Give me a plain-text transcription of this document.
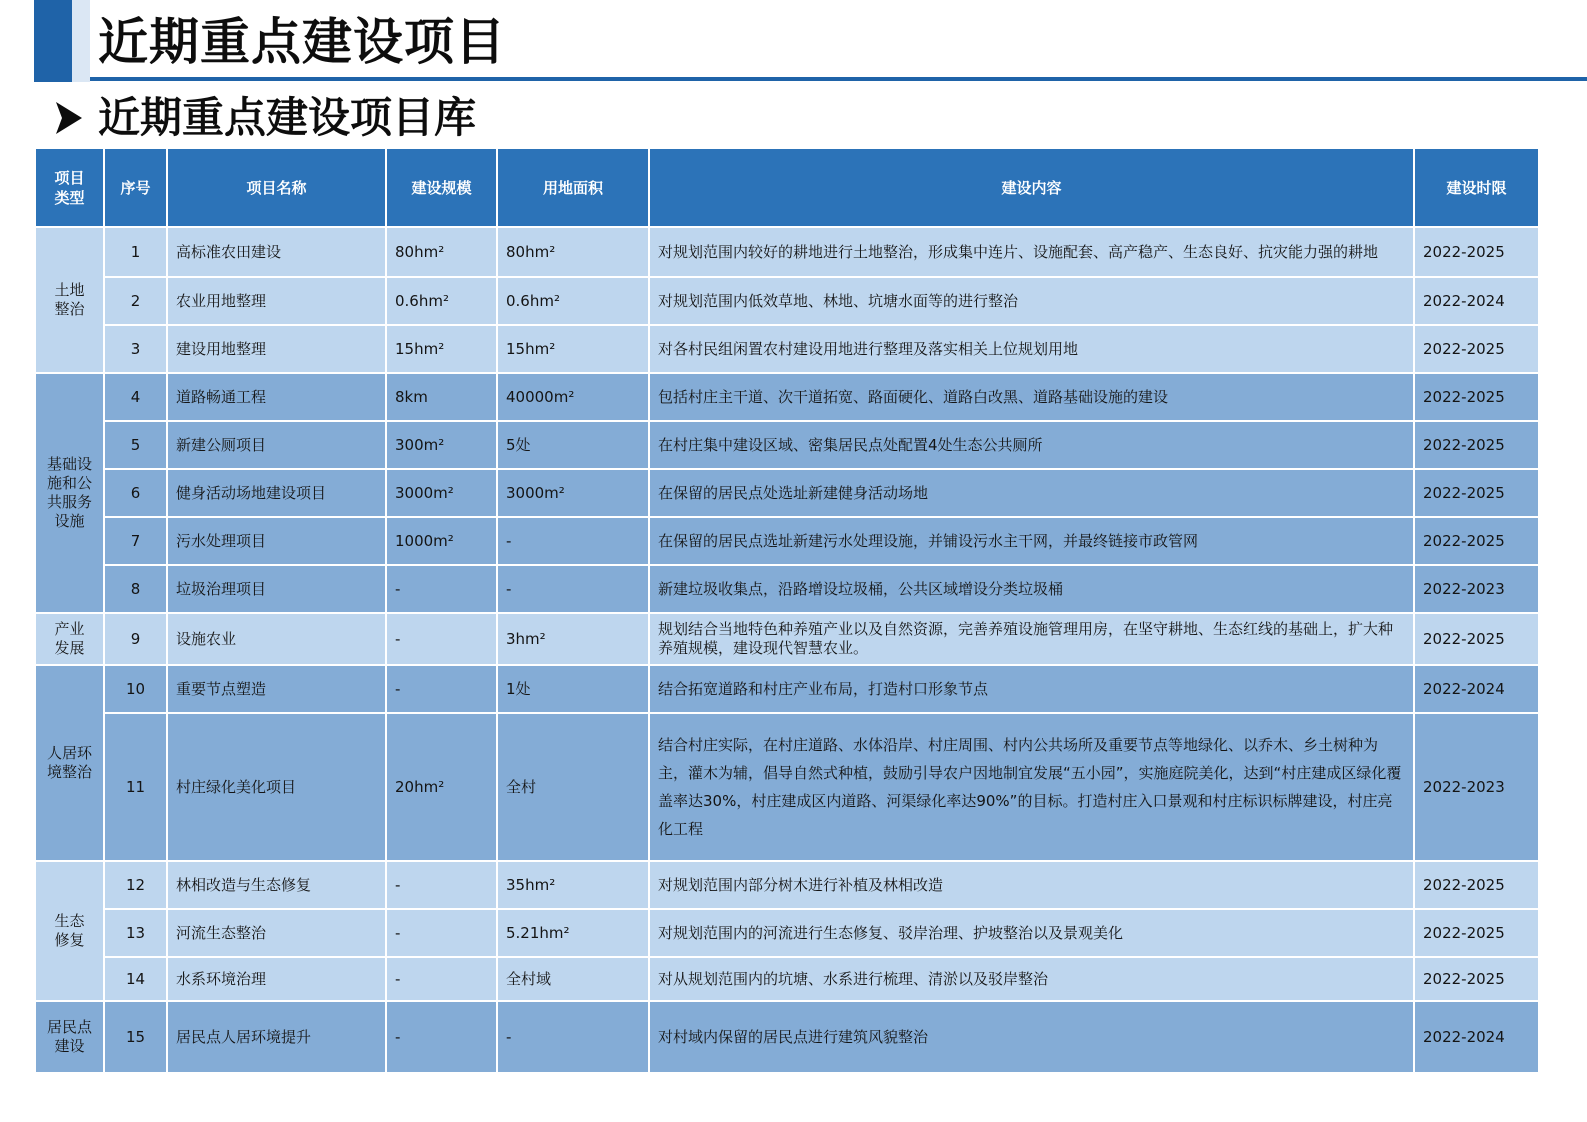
近期重点建设项目
近期重点建设项目库
项目
类型	序号	项目名称	建设规模	用地面积	建设内容	建设时限

土地
整治	1	高标准农田建设	80hm²	80hm²	对规划范围内较好的耕地进行土地整治，形成集中连片、设施配套、高产稳产、生态良好、抗灾能力强的耕地	2022-2025
	2	农业用地整理	0.6hm²	0.6hm²	对规划范围内低效草地、林地、坑塘水面等的进行整治	2022-2024
	3	建设用地整理	15hm²	15hm²	对各村民组闲置农村建设用地进行整理及落实相关上位规划用地	2022-2025

基础设
施和公
共服务
设施	4	道路畅通工程	8km	40000m²	包括村庄主干道、次干道拓宽、路面硬化、道路白改黑、道路基础设施的建设	2022-2025
	5	新建公厕项目	300m²	5处	在村庄集中建设区域、密集居民点处配置4处生态公共厕所	2022-2025
	6	健身活动场地建设项目	3000m²	3000m²	在保留的居民点处选址新建健身活动场地	2022-2025
	7	污水处理项目	1000m²	-	在保留的居民点选址新建污水处理设施，并铺设污水主干网，并最终链接市政管网	2022-2025
	8	垃圾治理项目	-	-	新建垃圾收集点，沿路增设垃圾桶，公共区域增设分类垃圾桶	2022-2023

产业
发展	9	设施农业	-	3hm²	规划结合当地特色种养殖产业以及自然资源，完善养殖设施管理用房，在坚守耕地、生态红线的基础上，扩大种养殖规模，建设现代智慧农业。	2022-2025

人居环
境整治	10	重要节点塑造	-	1处	结合拓宽道路和村庄产业布局，打造村口形象节点	2022-2024
	11	村庄绿化美化项目	20hm²	全村	结合村庄实际，在村庄道路、水体沿岸、村庄周围、村内公共场所及重要节点等地绿化、以乔木、乡土树种为主，灌木为辅，倡导自然式种植，鼓励引导农户因地制宜发展“五小园”，实施庭院美化，达到“村庄建成区绿化覆盖率达30%，村庄建成区内道路、河渠绿化率达90%”的目标。打造村庄入口景观和村庄标识标牌建设，村庄亮化工程	2022-2023

生态
修复	12	林相改造与生态修复	-	35hm²	对规划范围内部分树木进行补植及林相改造	2022-2025
	13	河流生态整治	-	5.21hm²	对规划范围内的河流进行生态修复、驳岸治理、护坡整治以及景观美化	2022-2025
	14	水系环境治理	-	全村域	对从规划范围内的坑塘、水系进行梳理、清淤以及驳岸整治	2022-2025

居民点
建设	15	居民点人居环境提升	-	-	对村域内保留的居民点进行建筑风貌整治	2022-2024
